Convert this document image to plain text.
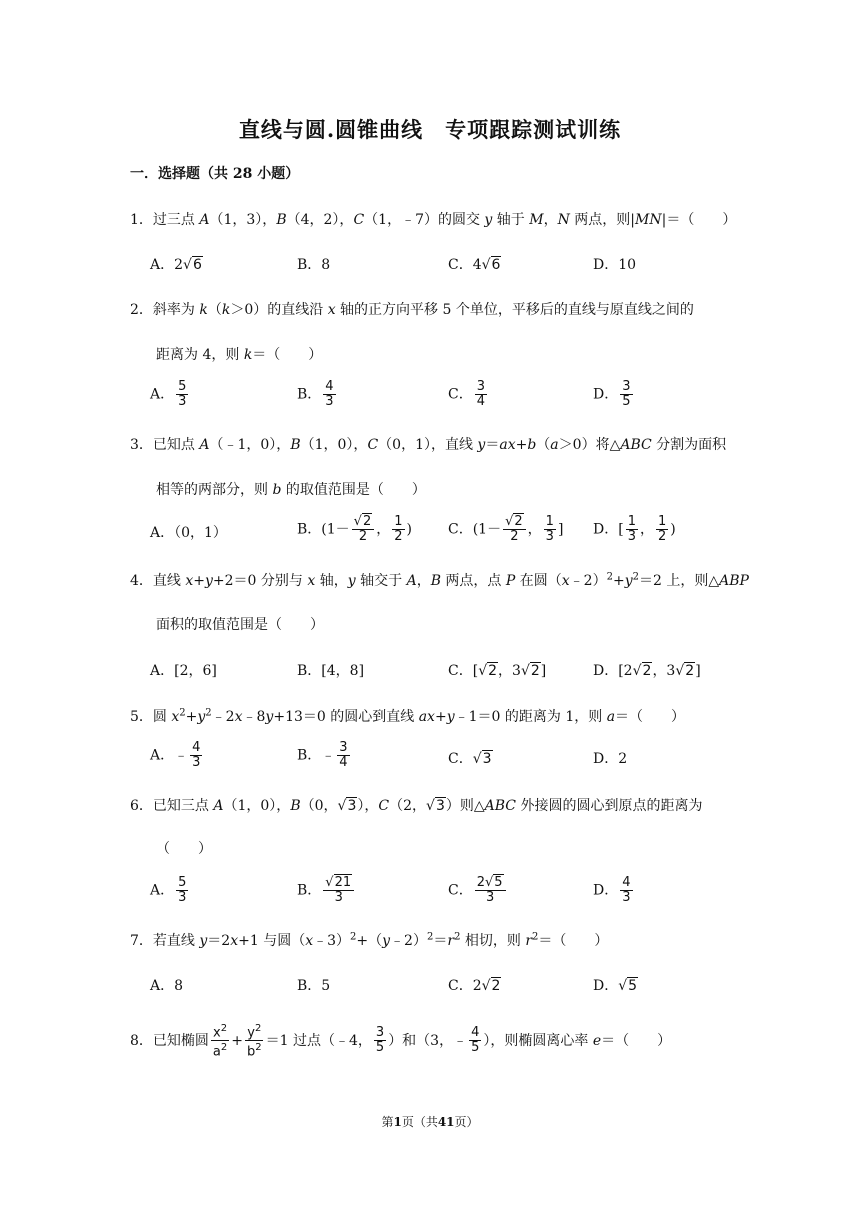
直线与圆.圆锥曲线　专项跟踪测试训练
一．选择题（共 28 小题）
1．过三点 A（1，3），B（4，2），C（1，﹣7）的圆交 y 轴于 M，N 两点，则|MN|＝（　　）
A．2√6	B．8	C．4√6	D．10
2．斜率为 k（k＞0）的直线沿 x 轴的正方向平移 5 个单位，平移后的直线与原直线之间的
距离为 4，则 k＝（　　）
A． $\frac{5}{3}$	B． $\frac{4}{3}$	C． $\frac{3}{4}$	D． $\frac{3}{5}$
3．已知点 A（﹣1，0），B（1，0），C（0，1），直线 y＝ax+b（a＞0）将△ABC 分割为面积
相等的两部分，则 b 的取值范围是（　　）
A．（0，1）	B．($1- \frac{√2}{2}$ ， $\frac{1}{2}$ )	C．($1- \frac{√2}{2}$ ， $\frac{1}{3}$ ] D．[ $\frac{1}{3}$ ， $\frac{1}{2}$ )
4．直线 x+y+2＝0 分别与 x 轴，y 轴交于 A，B 两点，点 P 在圆$(x﹣2)^2+y^2=2$ 上，则△ABP
面积的取值范围是（　　）
A．[2，6]	B．[4，8]	C．[√2，3√2]	D．[2√2，3√2]
5．圆 $x^2+y^2﹣2x﹣8y+13=0$ 的圆心到直线 ax+y﹣1＝0 的距离为 1，则 a＝（　　）
A．﹣ $\frac{4}{3}$	B．﹣ $\frac{3}{4}$	C．√3	D．2
6．已知三点 A（1，0），B（0，√3），C（2，√3）则△ABC 外接圆的圆心到原点的距离为
（　　）
A． $\frac{5}{3}$	B． $\frac{√21}{3}$	C． $\frac{2√5}{3}$	D． $\frac{4}{3}$
7．若直线 y＝2x+1 与圆$(x﹣3)^2+(y﹣2)^2=r^2$ 相切，则 $r^2=$（　　）
A．8	B．5	C．2√2	D．√5
8．已知椭圆 $\frac{x^2}{a^2} + \frac{y^2}{b^2} =1$ 过点（﹣4， $\frac{3}{5}$ ）和（3，﹣ $\frac{4}{5}$ ），则椭圆离心率 e＝（　　）
第1页（共41页）
